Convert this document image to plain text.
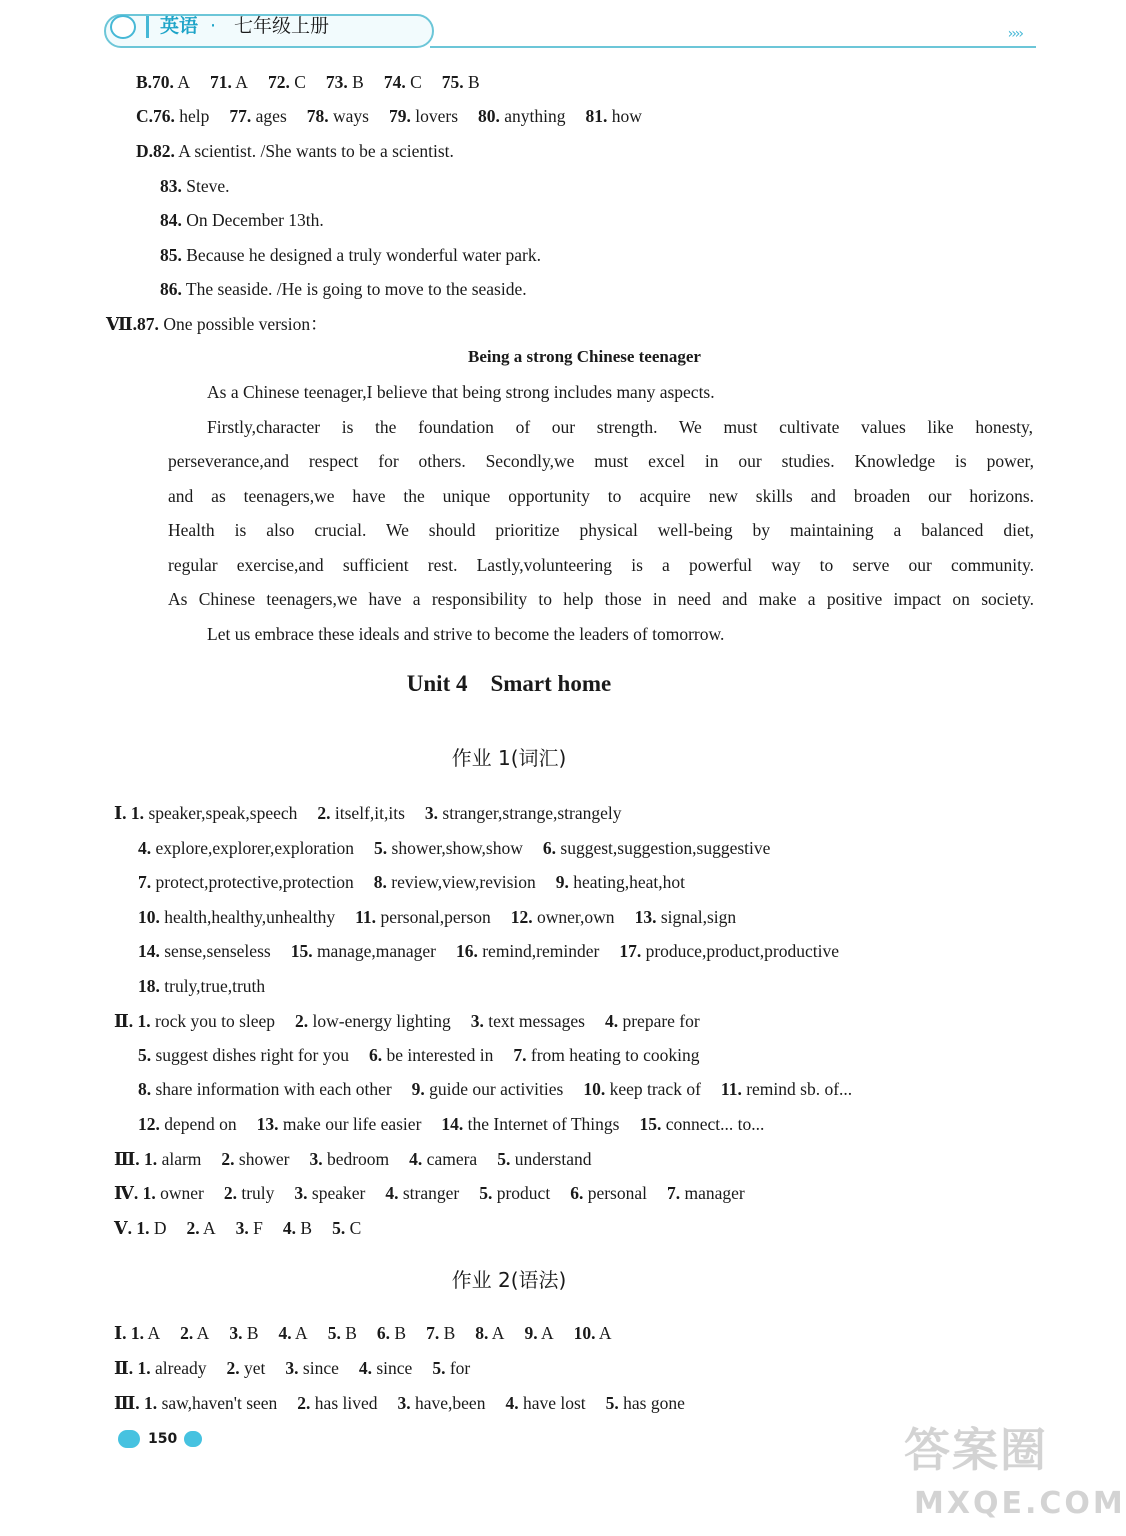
英语 · 七年级上册	››››
B.70. A 71. A 72. C 73. B 74. C 75. B
C.76. help 77. ages 78. ways 79. lovers 80. anything 81. how
D.82. A scientist. /She wants to be a scientist.
83. Steve.
84. On December 13th.
85. Because he designed a truly wonderful water park.
86. The seaside. /He is going to move to the seaside.
Ⅶ.87. One possible version：
Ⅰ. 1. speaker,speak,speech 2. itself,it,its 3. stranger,strange,strangely
4. explore,explorer,exploration 5. shower,show,show 6. suggest,suggestion,suggestive
7. protect,protective,protection 8. review,view,revision 9. heating,heat,hot
10. health,healthy,unhealthy 11. personal,person 12. owner,own 13. signal,sign
14. sense,senseless 15. manage,manager 16. remind,reminder 17. produce,product,productive
18. truly,true,truth
Ⅱ. 1. rock you to sleep 2. low-energy lighting 3. text messages 4. prepare for
5. suggest dishes right for you 6. be interested in 7. from heating to cooking
8. share information with each other 9. guide our activities 10. keep track of 11. remind sb. of...
12. depend on 13. make our life easier 14. the Internet of Things 15. connect... to...
Ⅲ. 1. alarm 2. shower 3. bedroom 4. camera 5. understand
Ⅳ. 1. owner 2. truly 3. speaker 4. stranger 5. product 6. personal 7. manager
Ⅴ. 1. D 2. A 3. F 4. B 5. C
Ⅰ. 1. A 2. A 3. B 4. A 5. B 6. B 7. B 8. A 9. A 10. A
Ⅱ. 1. already 2. yet 3. since 4. since 5. for
Ⅲ. 1. saw,haven't seen 2. has lived 3. have,been 4. have lost 5. has gone
Being a strong Chinese teenager
As a Chinese teenager,I believe that being strong includes many aspects.
Firstly,character is the foundation of our strength. We must cultivate values like honesty,
perseverance,and respect for others. Secondly,we must excel in our studies. Knowledge is power,
and as teenagers,we have the unique opportunity to acquire new skills and broaden our horizons.
Health is also crucial. We should prioritize physical well-being by maintaining a balanced diet,
regular exercise,and sufficient rest. Lastly,volunteering is a powerful way to serve our community.
As Chinese teenagers,we have a responsibility to help those in need and make a positive impact on society.
Let us embrace these ideals and strive to become the leaders of tomorrow.
Unit 4　Smart home
作业 1(词汇)
作业 2(语法)
150	答案圈
MXQE.COM
